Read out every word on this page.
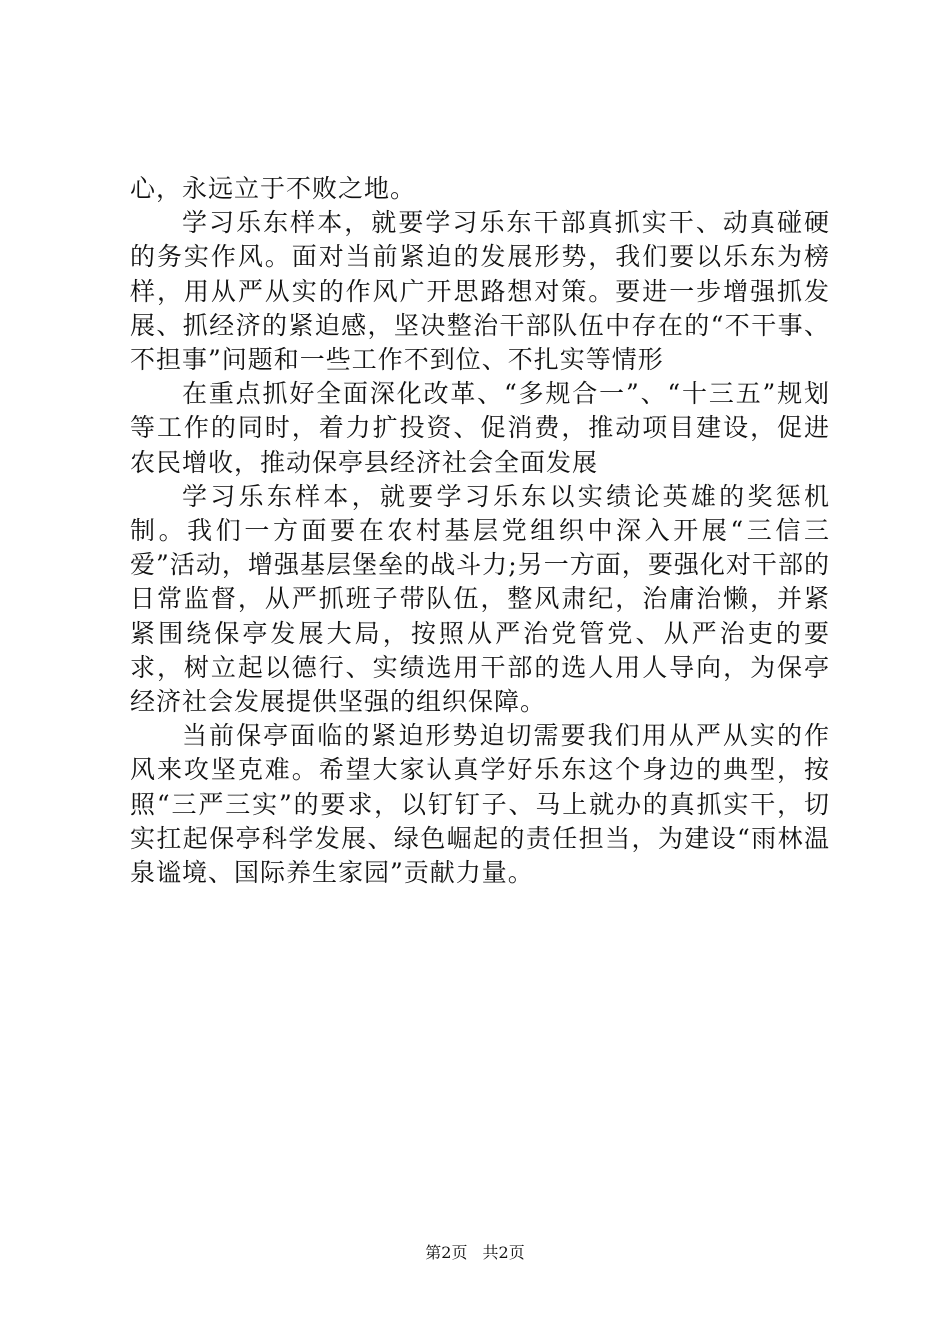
心，永远立于不败之地。

学习乐东样本，就要学习乐东干部真抓实干、动真碰硬的务实作风。面对当前紧迫的发展形势，我们要以乐东为榜样，用从严从实的作风广开思路想对策。要进一步增强抓发展、抓经济的紧迫感，坚决整治干部队伍中存在的“不干事、不担事”问题和一些工作不到位、不扎实等情形

在重点抓好全面深化改革、“多规合一”、“十三五”规划等工作的同时，着力扩投资、促消费，推动项目建设，促进农民增收，推动保亭县经济社会全面发展

学习乐东样本，就要学习乐东以实绩论英雄的奖惩机制。我们一方面要在农村基层党组织中深入开展“三信三爱”活动，增强基层堡垒的战斗力;另一方面，要强化对干部的日常监督，从严抓班子带队伍，整风肃纪，治庸治懒，并紧紧围绕保亭发展大局，按照从严治党管党、从严治吏的要求，树立起以德行、实绩选用干部的选人用人导向，为保亭经济社会发展提供坚强的组织保障。

当前保亭面临的紧迫形势迫切需要我们用从严从实的作风来攻坚克难。希望大家认真学好乐东这个身边的典型，按照“三严三实”的要求，以钉钉子、马上就办的真抓实干，切实扛起保亭科学发展、绿色崛起的责任担当，为建设“雨林温泉谧境、国际养生家园”贡献力量。

第2页 共2页
